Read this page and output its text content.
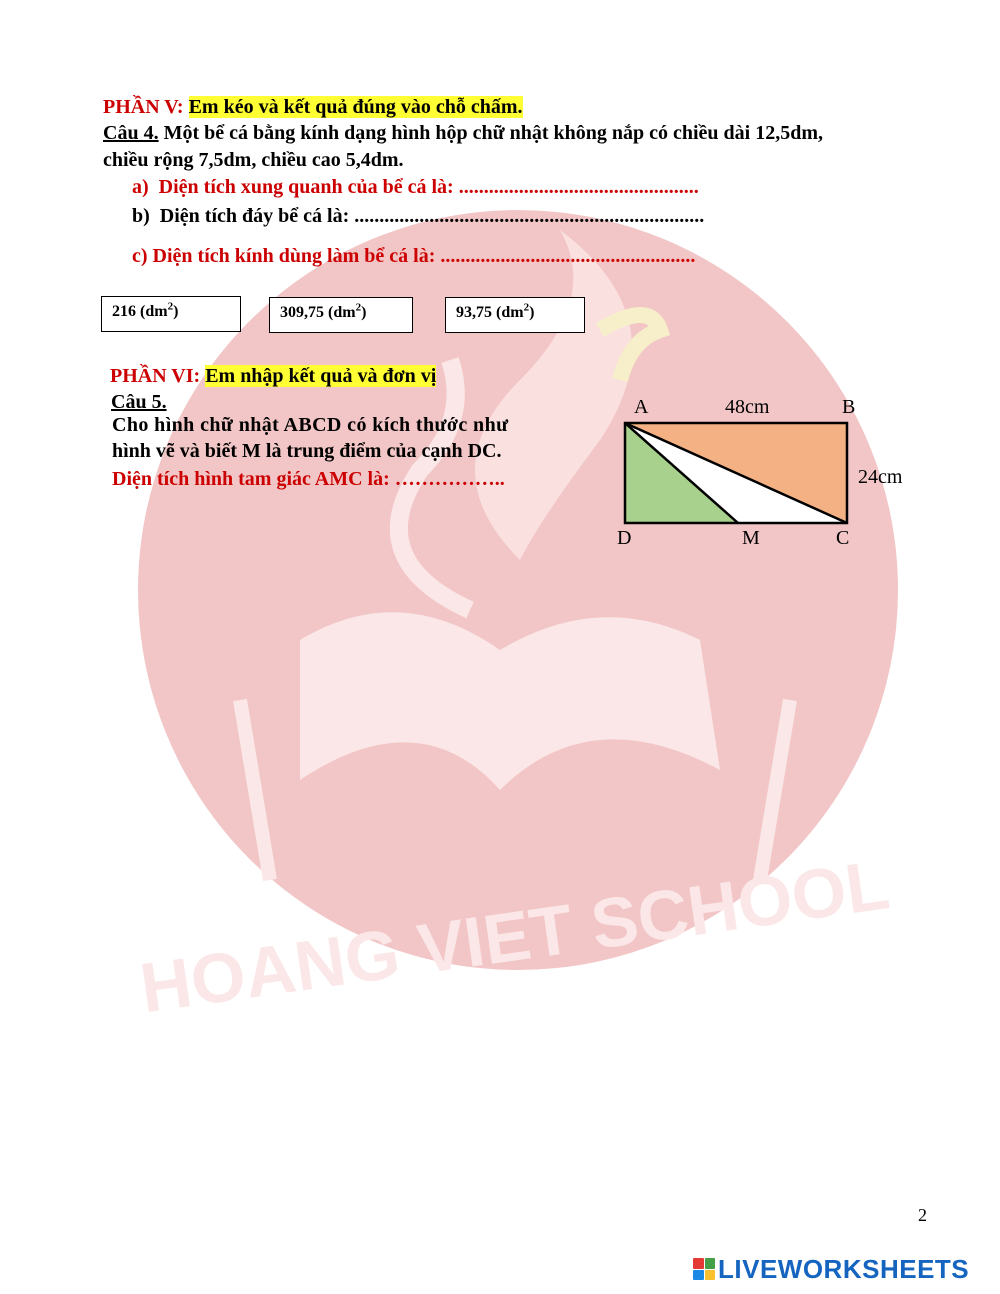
HOANG VIET SCHOOL
PHẦN V: Em kéo và kết quả đúng vào chỗ chấm.
Câu 4. Một bể cá bằng kính dạng hình hộp chữ nhật không nắp có chiều dài 12,5dm,
chiều rộng 7,5dm, chiều cao 5,4dm.
a) Diện tích xung quanh của bể cá là: ................................................
b) Diện tích đáy bể cá là: ......................................................................
c) Diện tích kính dùng làm bể cá là: ...................................................
216 $(dm^2)$	309,75 $(dm^2)$	93,75 $(dm^2)$
PHẦN VI: Em nhập kết quả và đơn vị
Câu 5.
Cho hình chữ nhật ABCD có kích thước như
hình vẽ và biết M là trung điểm của cạnh DC.
Diện tích hình tam giác AMC là: ……………..
A	B
D	M	C
48cm
24cm
2
LIVEWORKSHEETS
